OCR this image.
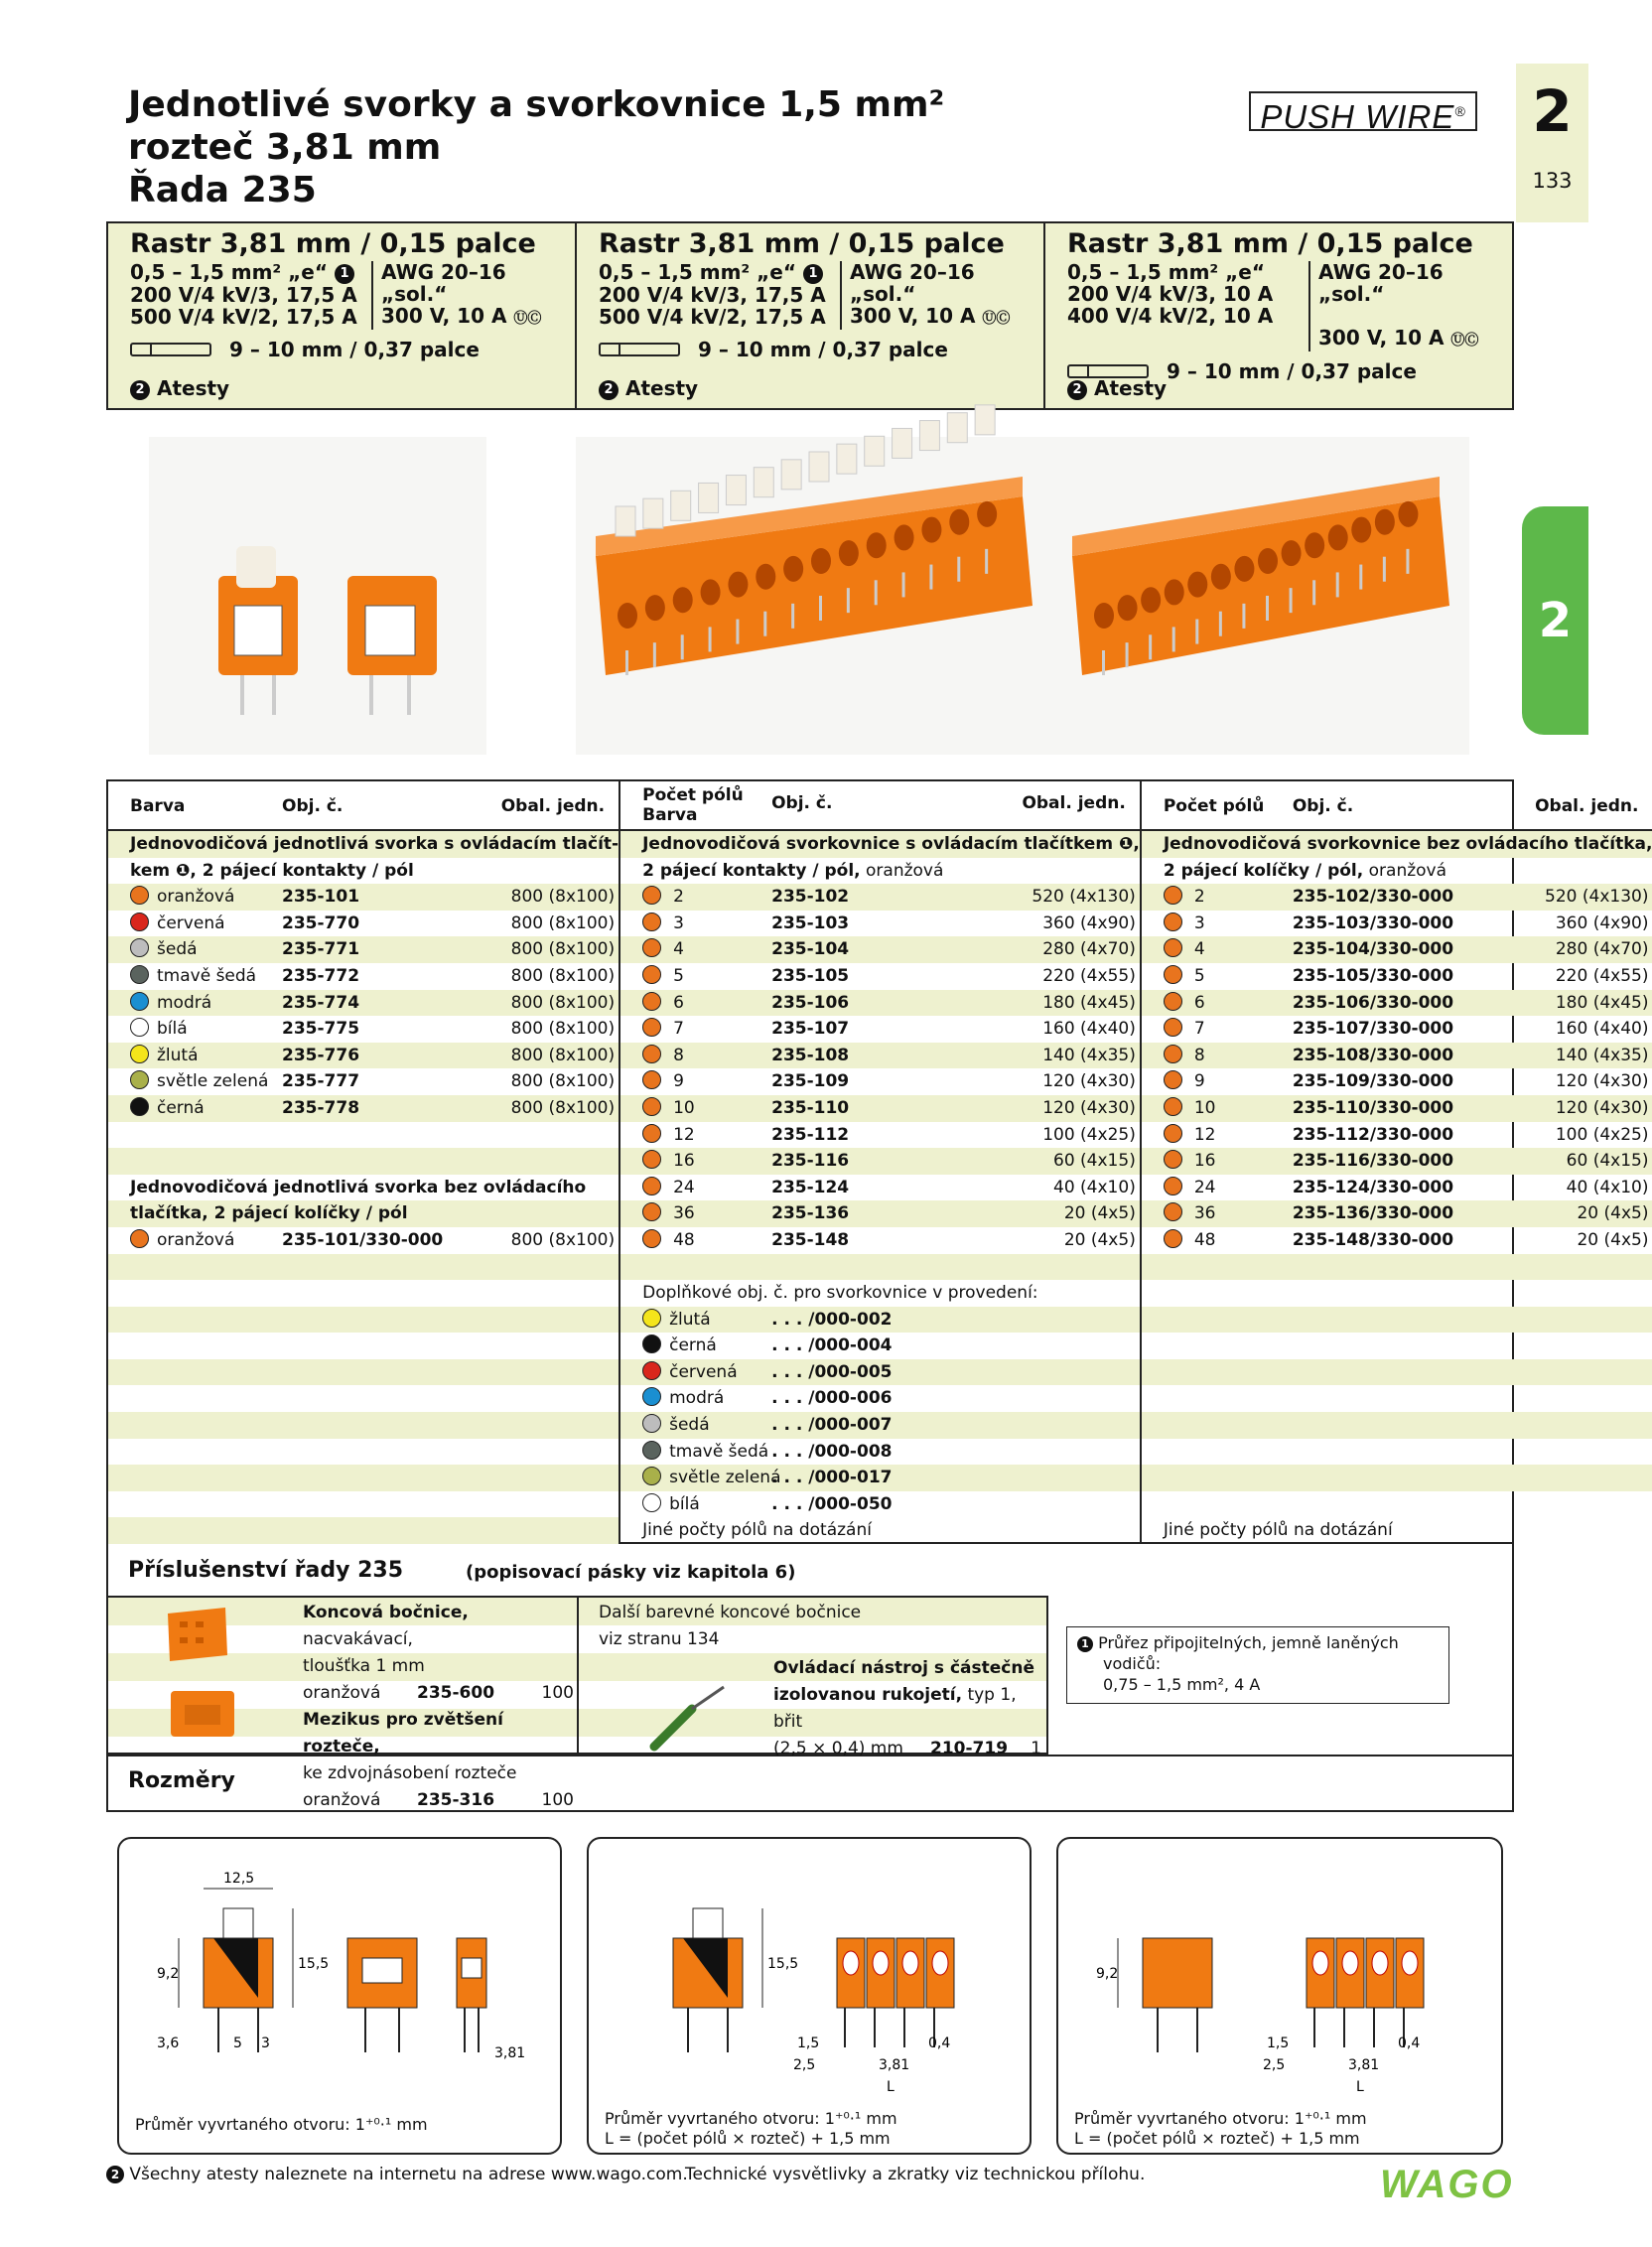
Jednotlivé svorky a svorkovnice 1,5 mm²
rozteč 3,81 mm
Řada 235
PUSH WIRE® 2
133
2
Rastr 3,81 mm / 0,15 palce
0,5 – 1,5 mm² „e“ 1
200 V/4 kV/3, 17,5 A
500 V/4 kV/2, 17,5 A
AWG 20–16 „sol.“
300 V, 10 A ⓊⒸ
9 – 10 mm / 0,37 palce
2 Atesty
Rastr 3,81 mm / 0,15 palce
0,5 – 1,5 mm² „e“ 1
200 V/4 kV/3, 17,5 A
500 V/4 kV/2, 17,5 A
AWG 20–16 „sol.“
300 V, 10 A ⓊⒸ
9 – 10 mm / 0,37 palce
2 Atesty
Rastr 3,81 mm / 0,15 palce
0,5 – 1,5 mm² „e“
200 V/4 kV/3, 10 A
400 V/4 kV/2, 10 A
AWG 20–16 „sol.“

300 V, 10 A ⓊⒸ
9 – 10 mm / 0,37 palce
2 Atesty
Barva	Obj. č.	Obal. jedn.
Jednovodičová jednotlivá svorka s ovládacím tlačít-
kem ❶, 2 pájecí kontakty / pól
oranžová	235-101	800 (8x100)
červená	235-770	800 (8x100)
šedá	235-771	800 (8x100)
tmavě šedá 235-772	800 (8x100)
modrá	235-774	800 (8x100)
bílá	235-775	800 (8x100)
žlutá	235-776	800 (8x100)
světle zelená 235-777	800 (8x100)
černá	235-778	800 (8x100)
Jednovodičová jednotlivá svorka bez ovládacího
tlačítka, 2 pájecí kolíčky / pól
oranžová	235-101/330-000	800 (8x100)
Počet pólů
Barva
Obj. č.	Obal. jedn.
Jednovodičová svorkovnice s ovládacím tlačítkem ❶,
2 pájecí kontakty / pól, oranžová
2	235-102	520 (4x130)
3	235-103	360 (4x90)
4	235-104	280 (4x70)
5	235-105	220 (4x55)
6	235-106	180 (4x45)
7	235-107	160 (4x40)
8	235-108	140 (4x35)
9	235-109	120 (4x30)
10	235-110	120 (4x30)
12	235-112	100 (4x25)
16	235-116	60 (4x15)
24	235-124	40 (4x10)
36	235-136	20 (4x5)
48	235-148	20 (4x5)
Doplňkové obj. č. pro svorkovnice v provedení:
žlutá	. . . /000-002
černá	. . . /000-004
červená . . . /000-005
modrá	. . . /000-006
šedá	. . . /000-007
tmavě šedá . . . /000-008
světle zelená
. . . /000-017
bílá	. . . /000-050
Jiné počty pólů na dotázání
Počet pólů Obj. č.	Obal. jedn.
Jednovodičová svorkovnice bez ovládacího tlačítka,
2 pájecí kolíčky / pól, oranžová
2	235-102/330-000	520 (4x130)
3	235-103/330-000	360 (4x90)
4	235-104/330-000	280 (4x70)
5	235-105/330-000	220 (4x55)
6	235-106/330-000	180 (4x45)
7	235-107/330-000	160 (4x40)
8	235-108/330-000	140 (4x35)
9	235-109/330-000	120 (4x30)
10	235-110/330-000	120 (4x30)
12	235-112/330-000	100 (4x25)
16	235-116/330-000	60 (4x15)
24	235-124/330-000	40 (4x10)
36	235-136/330-000	20 (4x5)
48	235-148/330-000	20 (4x5)
Jiné počty pólů na dotázání
Příslušenství řady 235	(popisovací pásky viz kapitola 6)
Koncová bočnice, nacvakávací,
tloušťka 1 mm
oranžová 235-600	100
Mezikus pro zvětšení rozteče,
ke zdvojnásobení rozteče
oranžová 235-316	100
Další barevné koncové bočnice
viz stranu 134
Ovládací nástroj s částečně
izolovanou rukojetí, typ 1, břit
(2,5 × 0,4) mm 210-719 1
1 Průřez připojitelných, jemně laněných
vodičů:
0,75 – 1,5 mm², 4 A
Rozměry
12,5
9,2
15,5
3,6	5 3
3,81
Průměr vyvrtaného otvoru: 1⁺⁰·¹ mm
15,5
1,5
2,5	3,81
0,4
L
Průměr vyvrtaného otvoru: 1⁺⁰·¹ mm
L = (počet pólů × rozteč) + 1,5 mm
9,2
1,5
2,5	3,81
0,4
L
Průměr vyvrtaného otvoru: 1⁺⁰·¹ mm
L = (počet pólů × rozteč) + 1,5 mm
2 Všechny atesty naleznete na internetu na adrese www.wago.com.
Technické vysvětlivky a zkratky viz technickou přílohu.	WAGO
